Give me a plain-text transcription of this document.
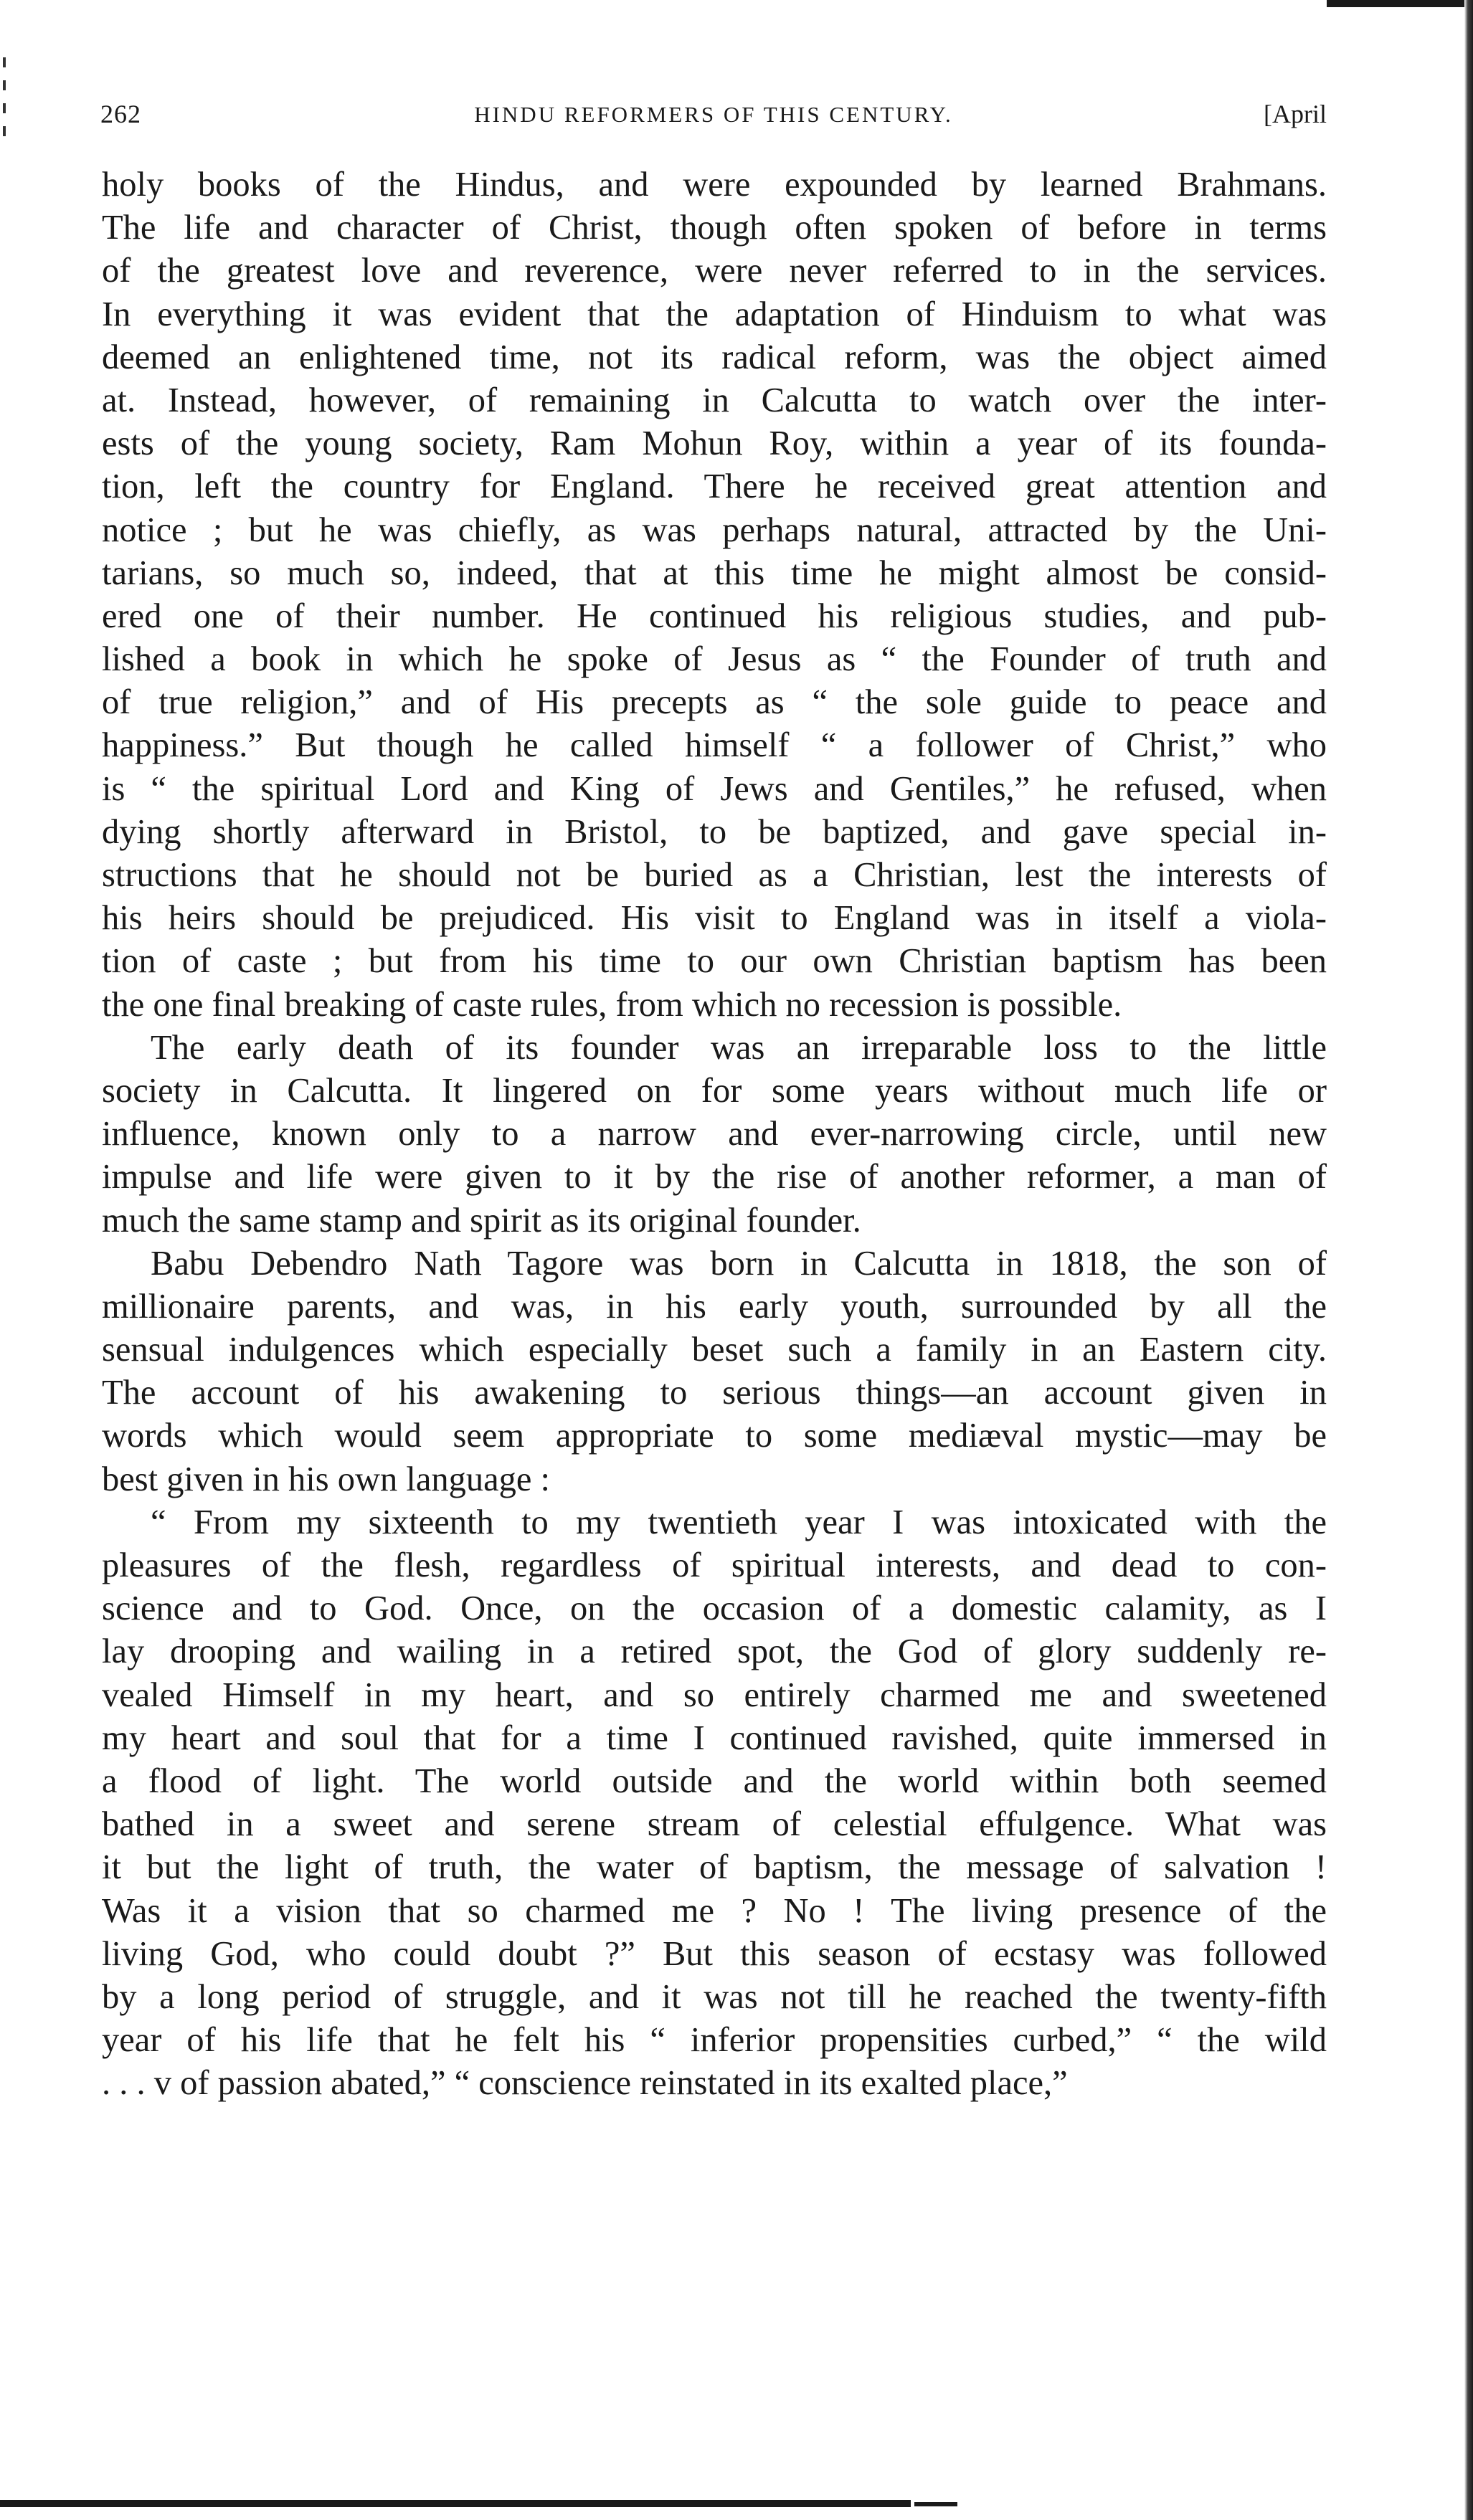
262	HINDU REFORMERS OF THIS CENTURY.	[April
holy books of the Hindus, and were expounded by learned Brahmans.
The life and character of Christ, though often spoken of before in terms
of the greatest love and reverence, were never referred to in the services.
In everything it was evident that the adaptation of Hinduism to what was
deemed an enlightened time, not its radical reform, was the object aimed
at. Instead, however, of remaining in Calcutta to watch over the inter-
ests of the young society, Ram Mohun Roy, within a year of its founda-
tion, left the country for England. There he received great attention and
notice ; but he was chiefly, as was perhaps natural, attracted by the Uni-
tarians, so much so, indeed, that at this time he might almost be consid-
ered one of their number. He continued his religious studies, and pub-
lished a book in which he spoke of Jesus as “ the Founder of truth and
of true religion,” and of His precepts as “ the sole guide to peace and
happiness.” But though he called himself “ a follower of Christ,” who
is “ the spiritual Lord and King of Jews and Gentiles,” he refused, when
dying shortly afterward in Bristol, to be baptized, and gave special in-
structions that he should not be buried as a Christian, lest the interests of
his heirs should be prejudiced. His visit to England was in itself a viola-
tion of caste ; but from his time to our own Christian baptism has been
the one final breaking of caste rules, from which no recession is possible.
The early death of its founder was an irreparable loss to the little
society in Calcutta. It lingered on for some years without much life or
influence, known only to a narrow and ever-narrowing circle, until new
impulse and life were given to it by the rise of another reformer, a man of
much the same stamp and spirit as its original founder.
Babu Debendro Nath Tagore was born in Calcutta in 1818, the son of
millionaire parents, and was, in his early youth, surrounded by all the
sensual indulgences which especially beset such a family in an Eastern city.
The account of his awakening to serious things—an account given in
words which would seem appropriate to some mediæval mystic—may be
best given in his own language :
“ From my sixteenth to my twentieth year I was intoxicated with the
pleasures of the flesh, regardless of spiritual interests, and dead to con-
science and to God. Once, on the occasion of a domestic calamity, as I
lay drooping and wailing in a retired spot, the God of glory suddenly re-
vealed Himself in my heart, and so entirely charmed me and sweetened
my heart and soul that for a time I continued ravished, quite immersed in
a flood of light. The world outside and the world within both seemed
bathed in a sweet and serene stream of celestial effulgence. What was
it but the light of truth, the water of baptism, the message of salvation !
Was it a vision that so charmed me ? No ! The living presence of the
living God, who could doubt ?” But this season of ecstasy was followed
by a long period of struggle, and it was not till he reached the twenty-fifth
year of his life that he felt his “ inferior propensities curbed,” “ the wild
. . . v of passion abated,” “ conscience reinstated in its exalted place,”
